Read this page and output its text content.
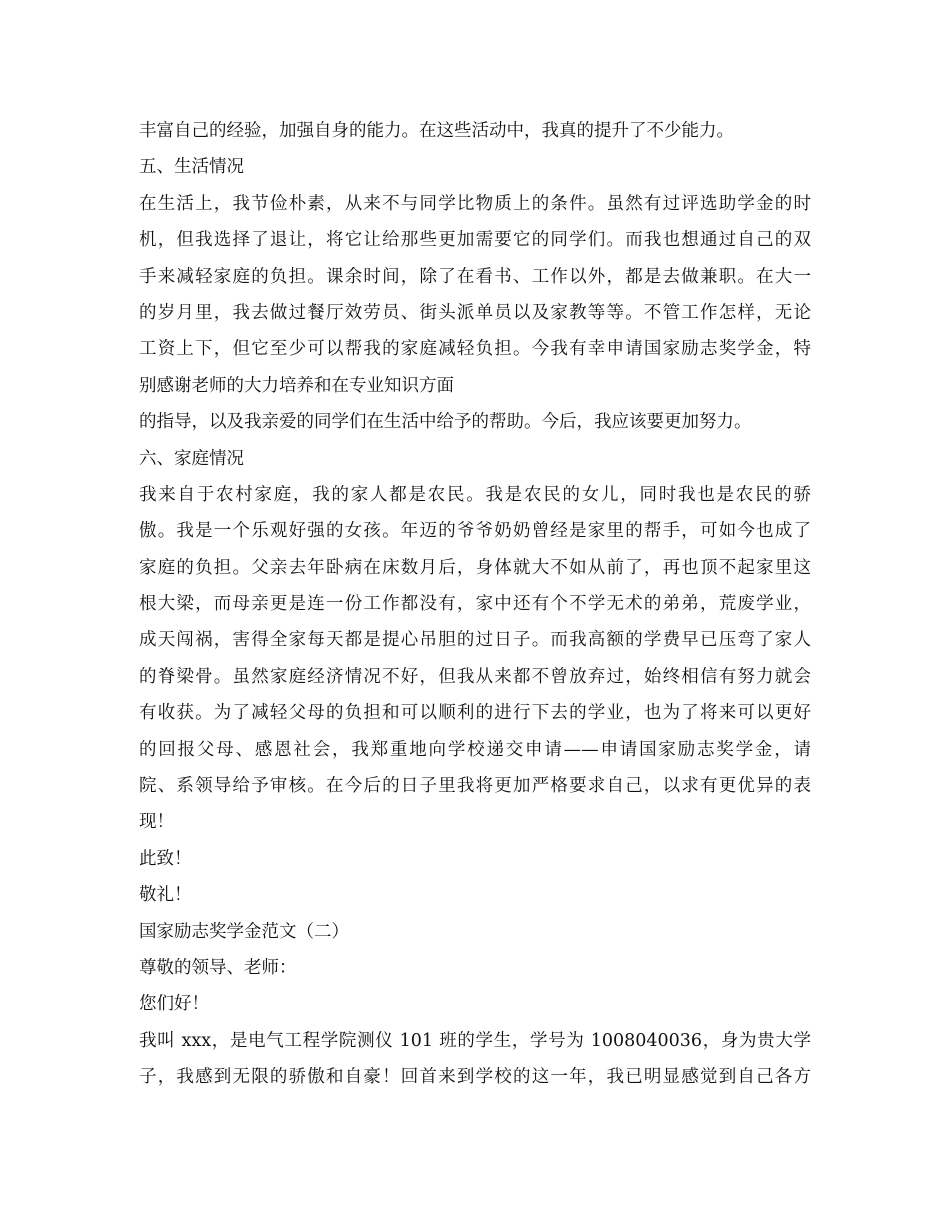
丰富自己的经验，加强自身的能力。在这些活动中，我真的提升了不少能力。
五、生活情况
在生活上，我节俭朴素，从来不与同学比物质上的条件。虽然有过评选助学金的时
机，但我选择了退让，将它让给那些更加需要它的同学们。而我也想通过自己的双
手来减轻家庭的负担。课余时间，除了在看书、工作以外，都是去做兼职。在大一
的岁月里，我去做过餐厅效劳员、街头派单员以及家教等等。不管工作怎样，无论
工资上下，但它至少可以帮我的家庭减轻负担。今我有幸申请国家励志奖学金，特
别感谢老师的大力培养和在专业知识方面
的指导，以及我亲爱的同学们在生活中给予的帮助。今后，我应该要更加努力。
六、家庭情况
我来自于农村家庭，我的家人都是农民。我是农民的女儿，同时我也是农民的骄
傲。我是一个乐观好强的女孩。年迈的爷爷奶奶曾经是家里的帮手，可如今也成了
家庭的负担。父亲去年卧病在床数月后，身体就大不如从前了，再也顶不起家里这
根大梁，而母亲更是连一份工作都没有，家中还有个不学无术的弟弟，荒废学业，
成天闯祸，害得全家每天都是提心吊胆的过日子。而我高额的学费早已压弯了家人
的脊梁骨。虽然家庭经济情况不好，但我从来都不曾放弃过，始终相信有努力就会
有收获。为了减轻父母的负担和可以顺利的进行下去的学业，也为了将来可以更好
的回报父母、感恩社会，我郑重地向学校递交申请——申请国家励志奖学金，请
院、系领导给予审核。在今后的日子里我将更加严格要求自己，以求有更优异的表
现！
此致！
敬礼！
国家励志奖学金范文（二）
尊敬的领导、老师：
您们好！
我叫 xxx，是电气工程学院测仪 101 班的学生，学号为 1008040036，身为贵大学
子，我感到无限的骄傲和自豪！回首来到学校的这一年，我已明显感觉到自己各方
